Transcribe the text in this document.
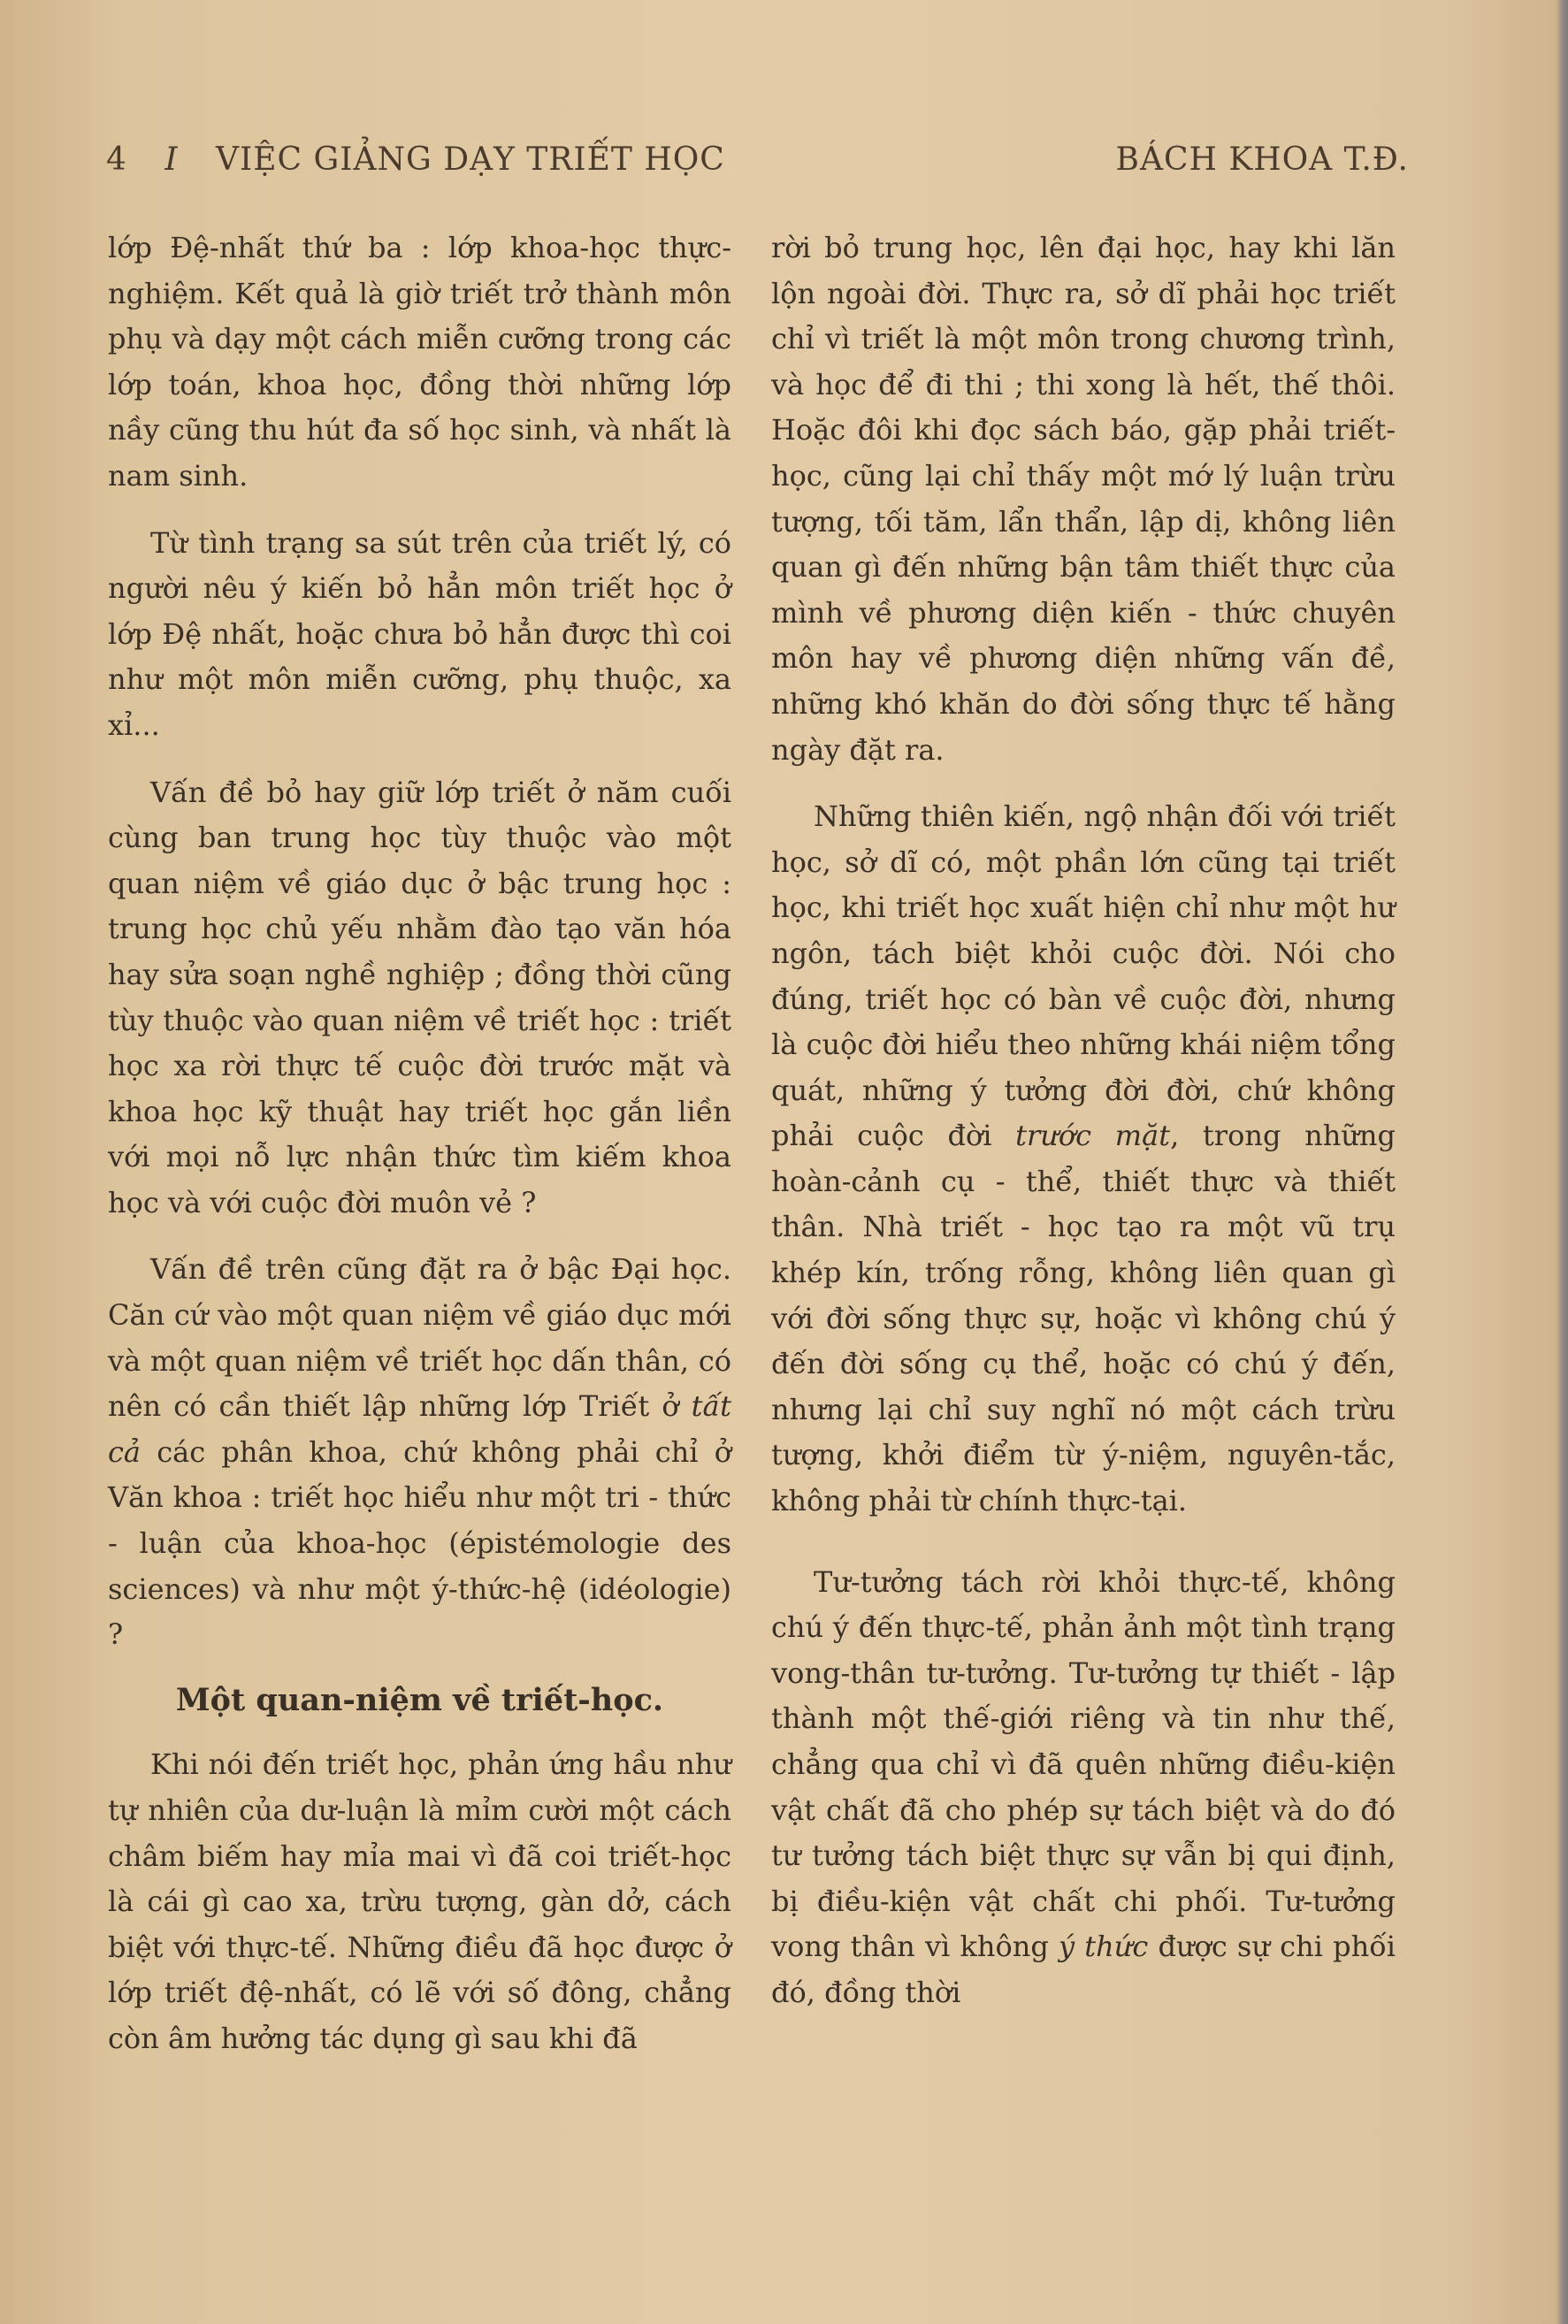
4 I VIỆC GIẢNG DẠY TRIẾT HỌC	BÁCH KHOA T.Đ.

lớp Đệ-nhất thứ ba : lớp khoa-học thực-nghiệm. Kết quả là giờ triết trở thành môn phụ và dạy một cách miễn cưỡng trong các lớp toán, khoa học, đồng thời những lớp nầy cũng thu hút đa số học sinh, và nhất là nam sinh.

Từ tình trạng sa sút trên của triết lý, có người nêu ý kiến bỏ hẳn môn triết học ở lớp Đệ nhất, hoặc chưa bỏ hẳn được thì coi như một môn miễn cưỡng, phụ thuộc, xa xỉ...

Vấn đề bỏ hay giữ lớp triết ở năm cuối cùng ban trung học tùy thuộc vào một quan niệm về giáo dục ở bậc trung học : trung học chủ yếu nhằm đào tạo văn hóa hay sửa soạn nghề nghiệp ; đồng thời cũng tùy thuộc vào quan niệm về triết học : triết học xa rời thực tế cuộc đời trước mặt và khoa học kỹ thuật hay triết học gắn liền với mọi nỗ lực nhận thức tìm kiếm khoa học và với cuộc đời muôn vẻ ?

Vấn đề trên cũng đặt ra ở bậc Đại học. Căn cứ vào một quan niệm về giáo dục mới và một quan niệm về triết học dấn thân, có nên có cần thiết lập những lớp Triết ở tất cả các phân khoa, chứ không phải chỉ ở Văn khoa : triết học hiểu như một tri - thức - luận của khoa-học (épistémologie des sciences) và như một ý-thức-hệ (idéologie) ?

Một quan-niệm về triết-học.

Khi nói đến triết học, phản ứng hầu như tự nhiên của dư-luận là mỉm cười một cách châm biếm hay mỉa mai vì đã coi triết-học là cái gì cao xa, trừu tượng, gàn dở, cách biệt với thực-tế. Những điều đã học được ở lớp triết đệ-nhất, có lẽ với số đông, chẳng còn âm hưởng tác dụng gì sau khi đã

rời bỏ trung học, lên đại học, hay khi lăn lộn ngoài đời. Thực ra, sở dĩ phải học triết chỉ vì triết là một môn trong chương trình, và học để đi thi ; thi xong là hết, thế thôi. Hoặc đôi khi đọc sách báo, gặp phải triết-học, cũng lại chỉ thấy một mớ lý luận trừu tượng, tối tăm, lẩn thẩn, lập dị, không liên quan gì đến những bận tâm thiết thực của mình về phương diện kiến - thức chuyên môn hay về phương diện những vấn đề, những khó khăn do đời sống thực tế hằng ngày đặt ra.

Những thiên kiến, ngộ nhận đối với triết học, sở dĩ có, một phần lớn cũng tại triết học, khi triết học xuất hiện chỉ như một hư ngôn, tách biệt khỏi cuộc đời. Nói cho đúng, triết học có bàn về cuộc đời, nhưng là cuộc đời hiểu theo những khái niệm tổng quát, những ý tưởng đời đời, chứ không phải cuộc đời trước mặt, trong những hoàn-cảnh cụ - thể, thiết thực và thiết thân. Nhà triết - học tạo ra một vũ trụ khép kín, trống rỗng, không liên quan gì với đời sống thực sự, hoặc vì không chú ý đến đời sống cụ thể, hoặc có chú ý đến, nhưng lại chỉ suy nghĩ nó một cách trừu tượng, khởi điểm từ ý-niệm, nguyên-tắc, không phải từ chính thực-tại.

Tư-tưởng tách rời khỏi thực-tế, không chú ý đến thực-tế, phản ảnh một tình trạng vong-thân tư-tưởng. Tư-tưởng tự thiết - lập thành một thế-giới riêng và tin như thế, chẳng qua chỉ vì đã quên những điều-kiện vật chất đã cho phép sự tách biệt và do đó tư tưởng tách biệt thực sự vẫn bị qui định, bị điều-kiện vật chất chi phối. Tư-tưởng vong thân vì không ý thức được sự chi phối đó, đồng thời
